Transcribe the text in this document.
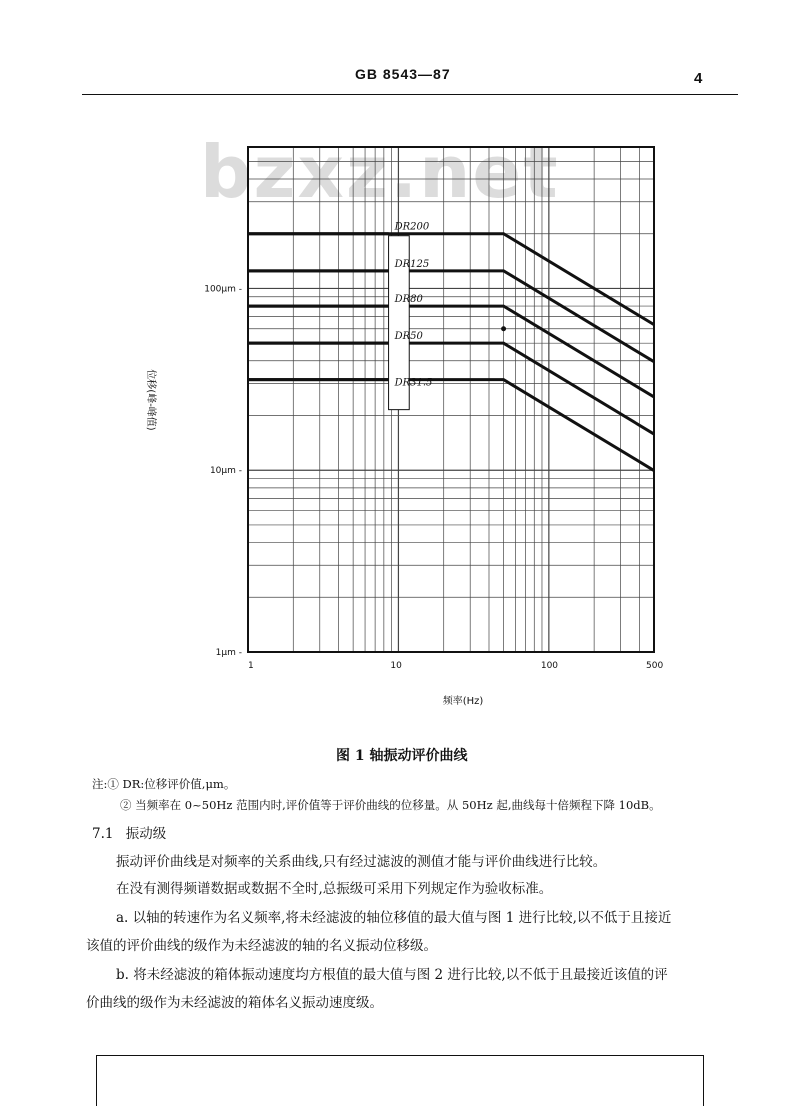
GB 8543—87	4
bzxz.net
DR200
DR125
DR80
DR50
DR31.5
1	10	100	500
1μm -
10μm -
100μm -
频率(Hz)
位移(峰-峰值)
图 1 轴振动评价曲线
注:① DR:位移评价值,μm。
② 当频率在 0~50Hz 范围内时,评价值等于评价曲线的位移量。从 50Hz 起,曲线每十倍频程下降 10dB。
7.1 振动级
振动评价曲线是对频率的关系曲线,只有经过滤波的测值才能与评价曲线进行比较。
在没有测得频谱数据或数据不全时,总振级可采用下列规定作为验收标准。
a. 以轴的转速作为名义频率,将未经滤波的轴位移值的最大值与图 1 进行比较,以不低于且接近
该值的评价曲线的级作为未经滤波的轴的名义振动位移级。
b. 将未经滤波的箱体振动速度均方根值的最大值与图 2 进行比较,以不低于且最接近该值的评
价曲线的级作为未经滤波的箱体名义振动速度级。
